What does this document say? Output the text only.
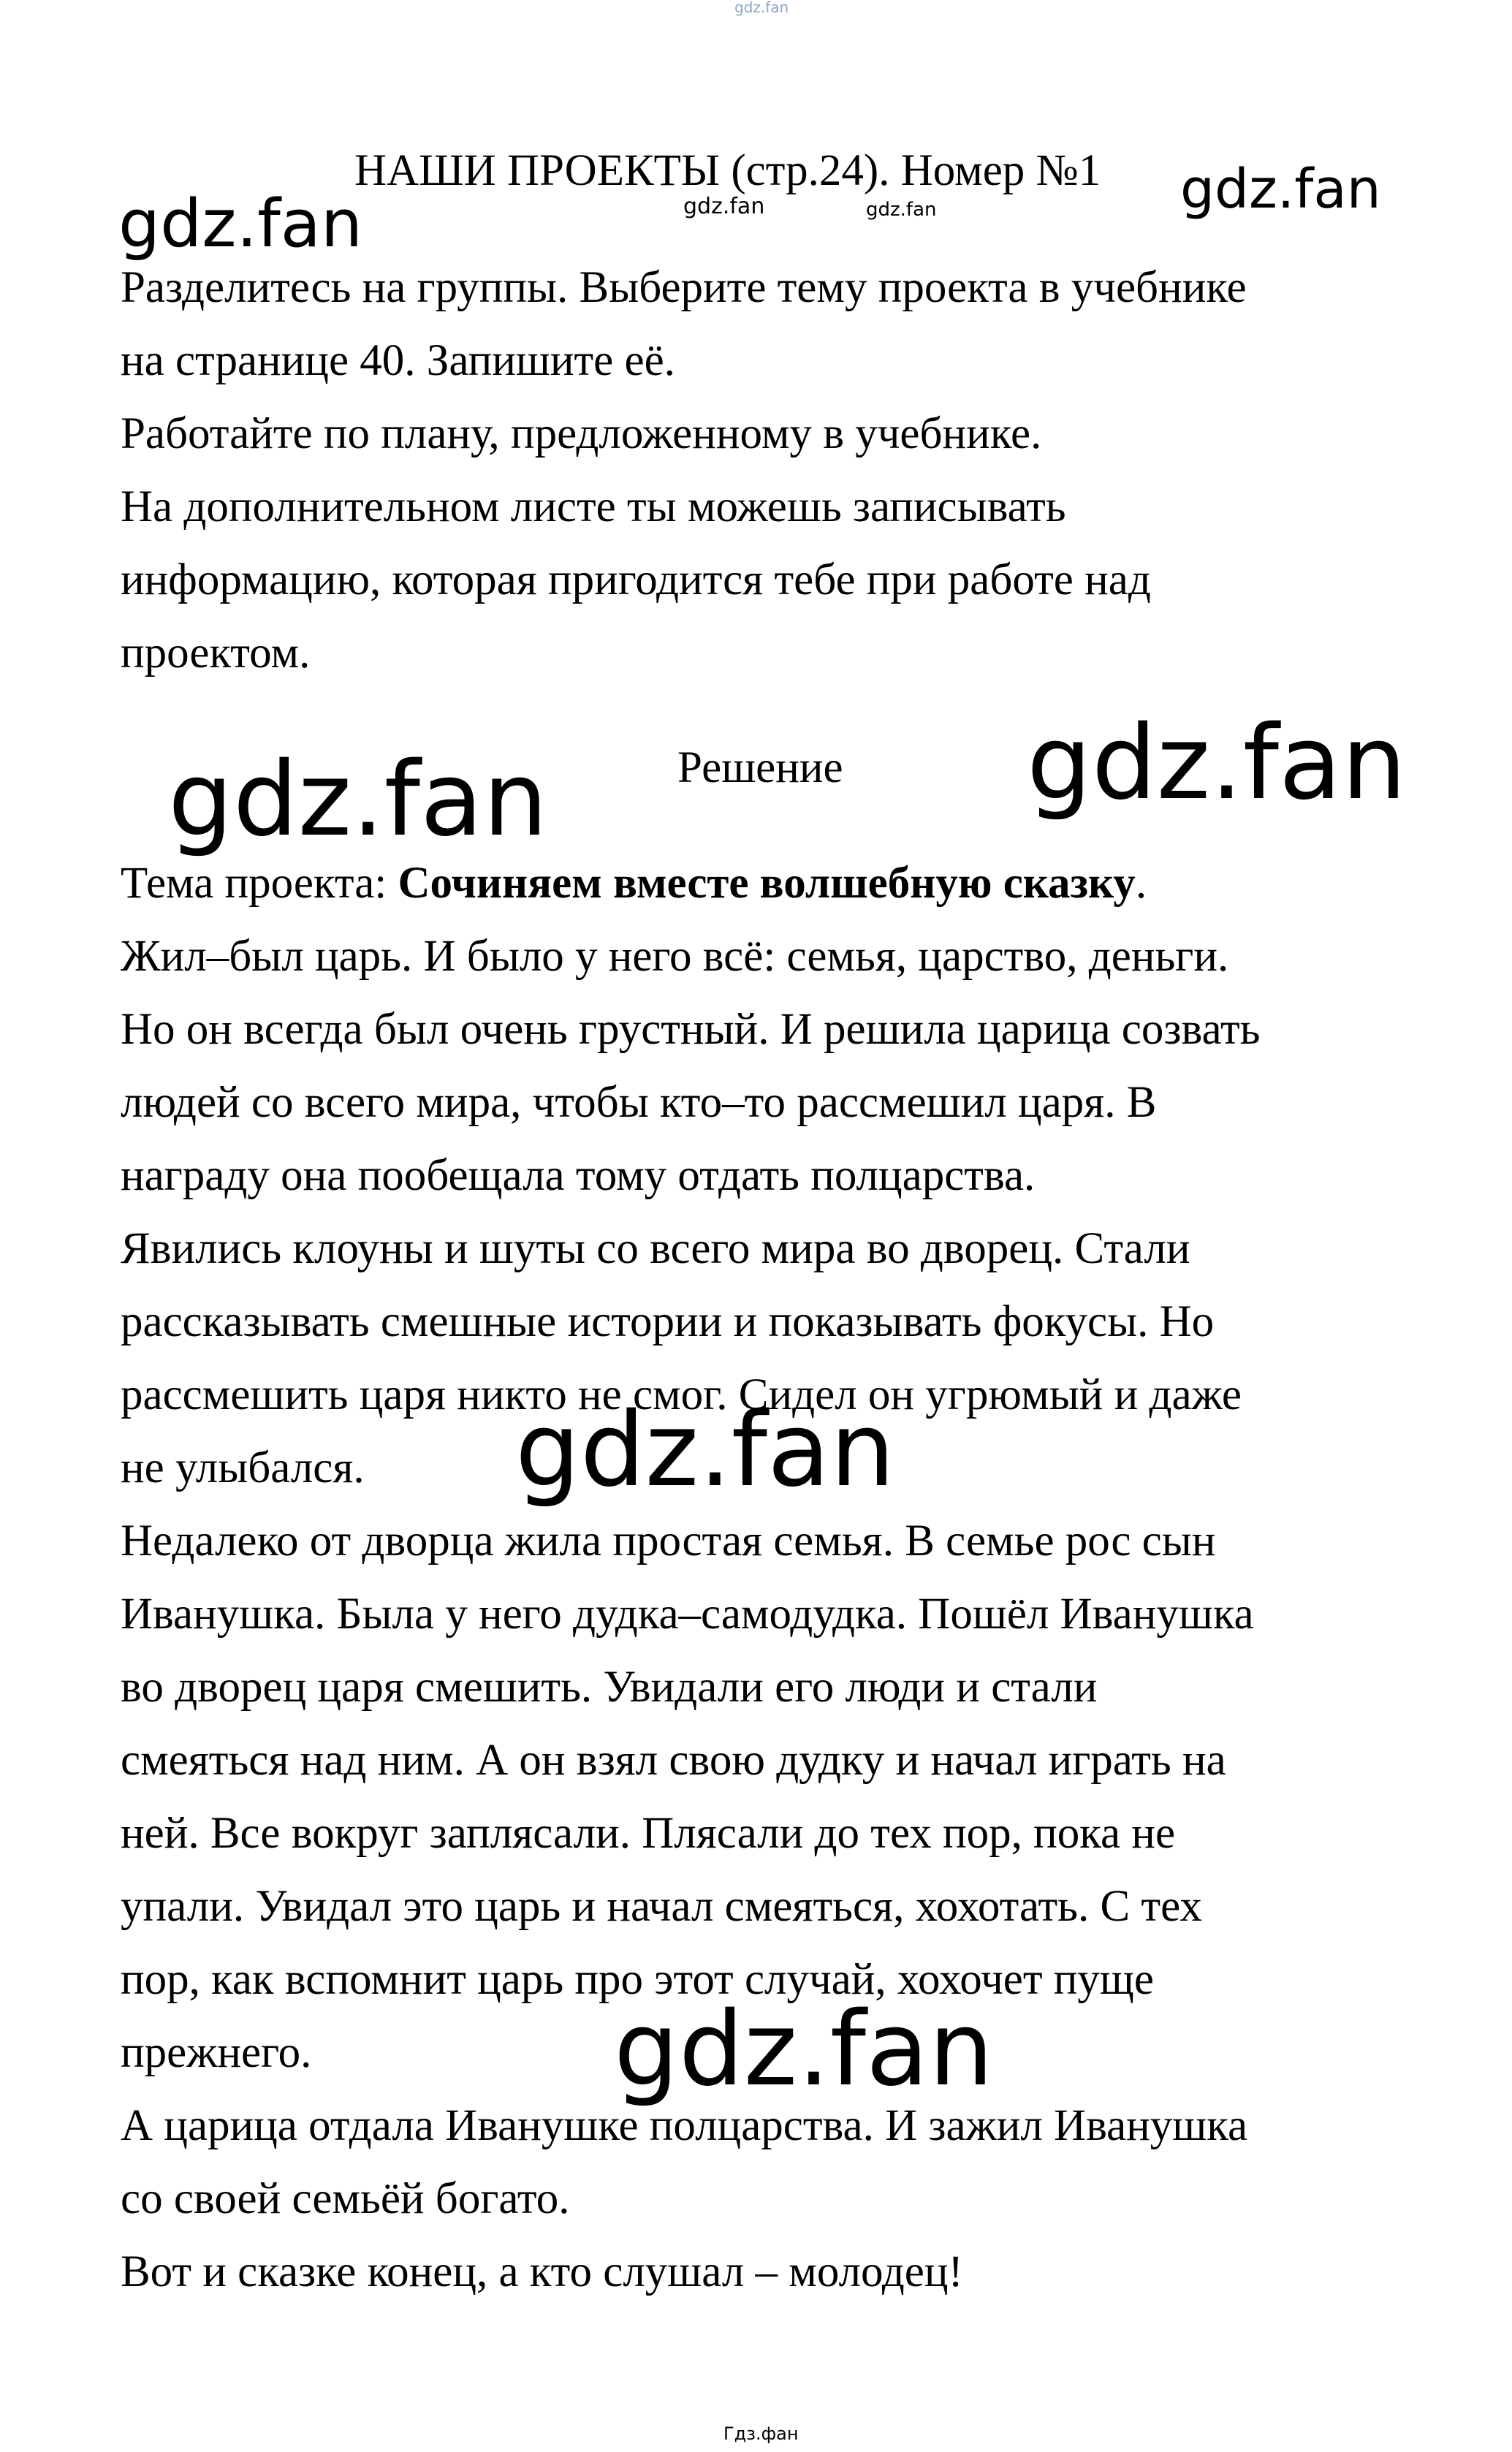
НАШИ ПРОЕКТЫ (стр.24). Номер №1
Разделитесь на группы. Выберите тему проекта в учебнике
на странице 40. Запишите её.
Работайте по плану, предложенному в учебнике.
На дополнительном листе ты можешь записывать
информацию, которая пригодится тебе при работе над
проектом.
Решение
Тема проекта: Сочиняем вместе волшебную сказку.
Жил–был царь. И было у него всё: семья, царство, деньги.
Но он всегда был очень грустный. И решила царица созвать
людей со всего мира, чтобы кто–то рассмешил царя. В
награду она пообещала тому отдать полцарства.
Явились клоуны и шуты со всего мира во дворец. Стали
рассказывать смешные истории и показывать фокусы. Но
рассмешить царя никто не смог. Сидел он угрюмый и даже
не улыбался.
Недалеко от дворца жила простая семья. В семье рос сын
Иванушка. Была у него дудка–самодудка. Пошёл Иванушка
во дворец царя смешить. Увидали его люди и стали
смеяться над ним. А он взял свою дудку и начал играть на
ней. Все вокруг заплясали. Плясали до тех пор, пока не
упали. Увидал это царь и начал смеяться, хохотать. С тех
пор, как вспомнит царь про этот случай, хохочет пуще
прежнего.
А царица отдала Иванушке полцарства. И зажил Иванушка
со своей семьёй богато.
Вот и сказке конец, а кто слушал – молодец!
gdz.fan
gdz.fan	gdz.fan	gdz.fan
gdz.fan
gdz.fan	gdz.fan
gdz.fan
gdz.fan
Гдз.фан
